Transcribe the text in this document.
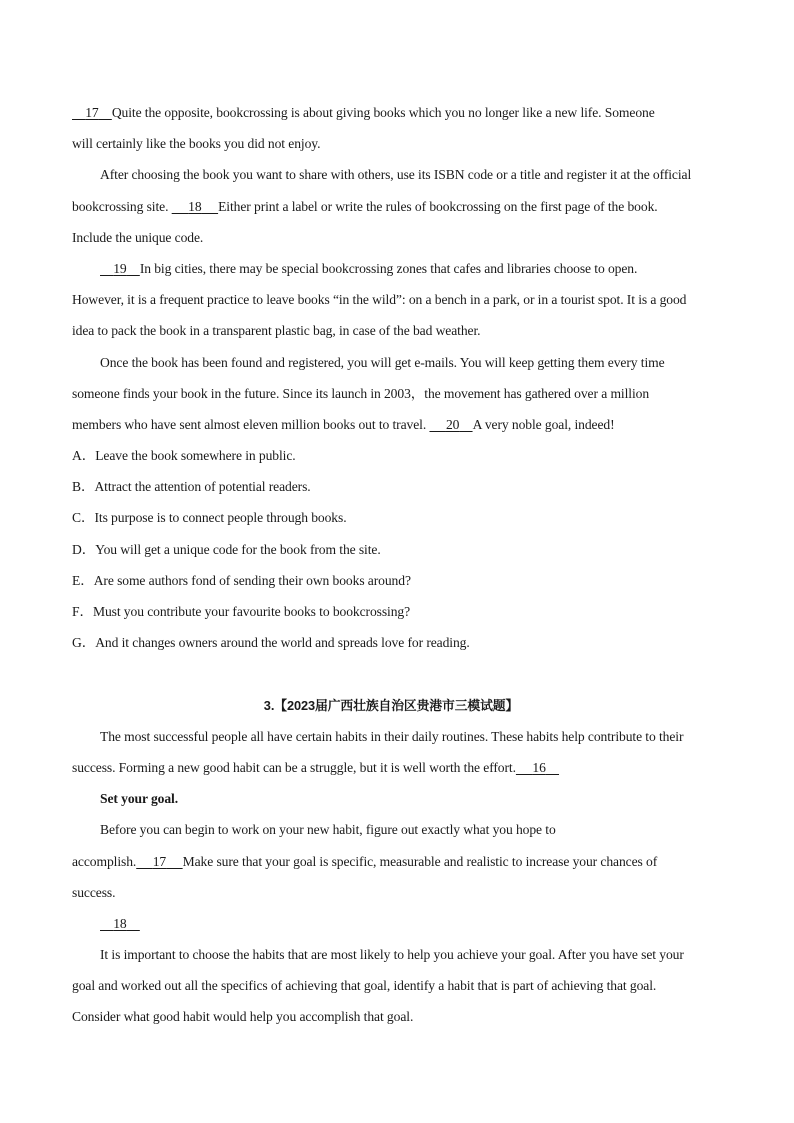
17 Quite the opposite, bookcrossing is about giving books which you no longer like a new life. Someone
will certainly like the books you did not enjoy.
After choosing the book you want to share with others, use its ISBN code or a title and register it at the official
bookcrossing site.      18 Either print a label or write the rules of bookcrossing on the first page of the book.
Include the unique code.
19 In big cities, there may be special bookcrossing zones that cafes and libraries choose to open.
However, it is a frequent practice to leave books “in the wild”: on a bench in a park, or in a tourist spot. It is a good
idea to pack the book in a transparent plastic bag, in case of the bad weather.
Once the book has been found and registered, you will get e-mails. You will keep getting them every time
someone finds your book in the future. Since its launch in 2003，the movement has gathered over a million
members who have sent almost eleven million books out to travel.      20 A very noble goal, indeed!
A．Leave the book somewhere in public.
B．Attract the attention of potential readers.
C．Its purpose is to connect people through books.
D．You will get a unique code for the book from the site.
E．Are some authors fond of sending their own books around?
F．Must you contribute your favourite books to bookcrossing?
G．And it changes owners around the world and spreads love for reading.
3.【2023届广西壮族自治区贵港市三模试题】
The most successful people all have certain habits in their daily routines. These habits help contribute to their
success. Forming a new good habit can be a struggle, but it is well worth the effort. 16
Set your goal.
Before you can begin to work on your new habit, figure out exactly what you hope to
accomplish. 17 Make sure that your goal is specific, measurable and realistic to increase your chances of
success.
18
It is important to choose the habits that are most likely to help you achieve your goal. After you have set your
goal and worked out all the specifics of achieving that goal, identify a habit that is part of achieving that goal.
Consider what good habit would help you accomplish that goal.
